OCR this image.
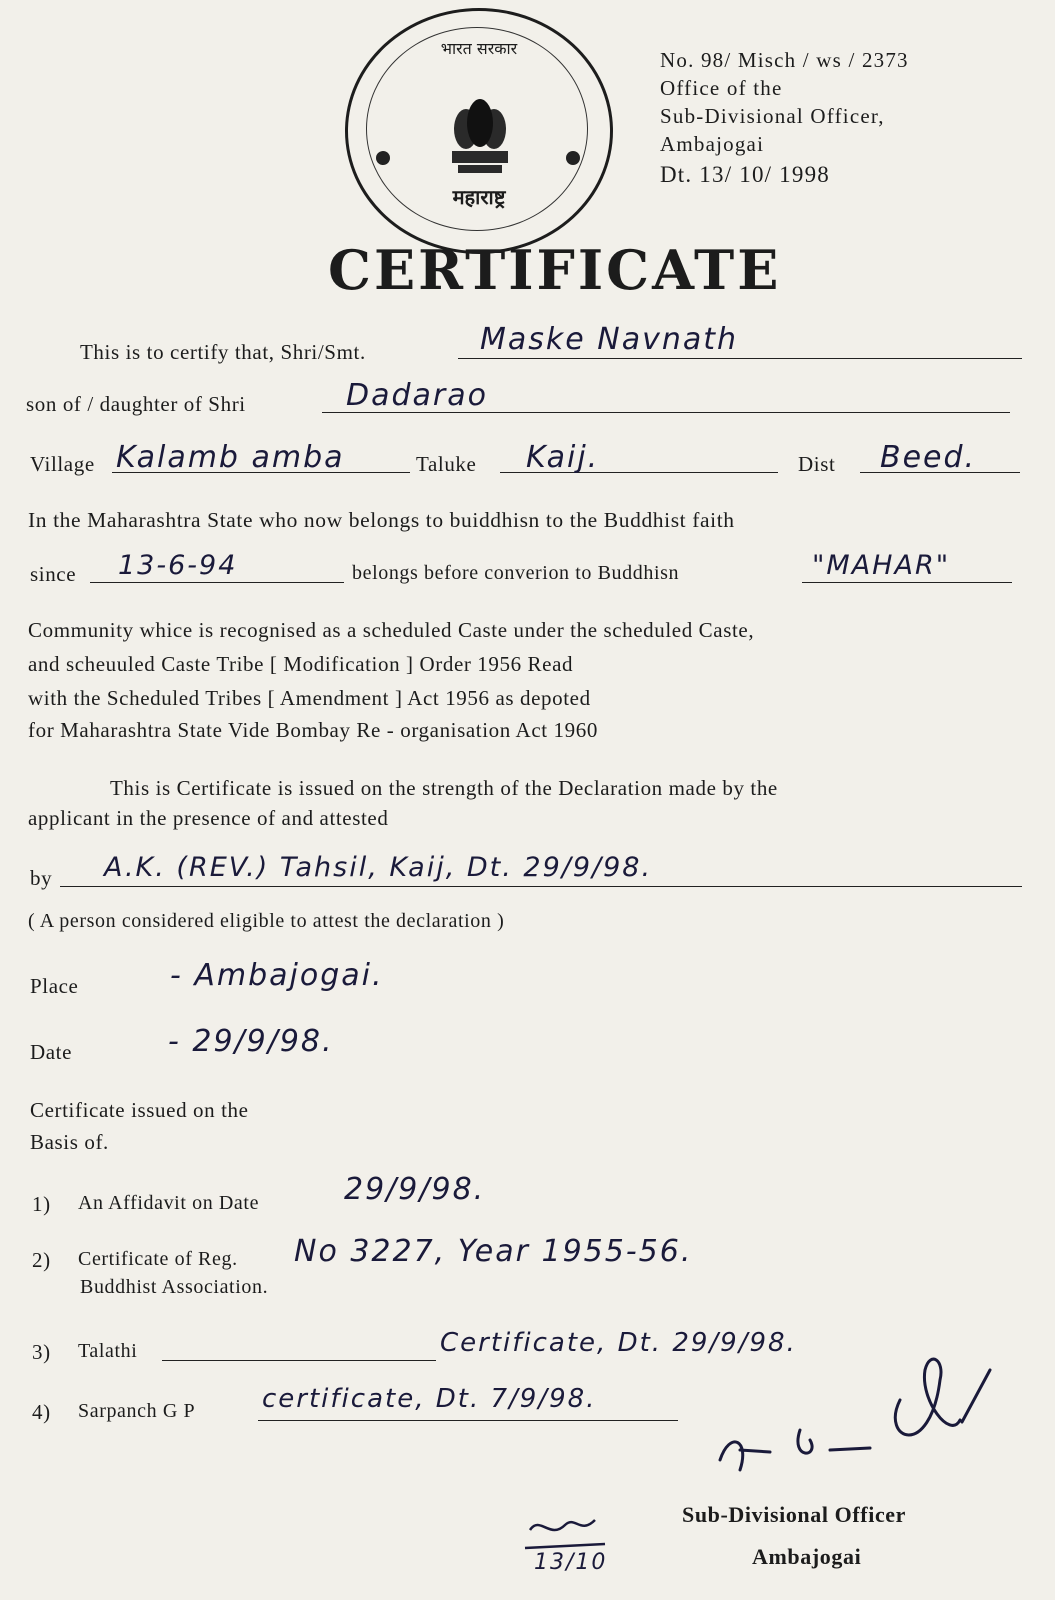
भारत सरकार
महाराष्ट्र
No. 98/ Misch / ws / 2373
Office of the
Sub-Divisional Officer,
Ambajogai
Dt. 13/ 10/ 1998
CERTIFICATE
This is to certify that, Shri/Smt.	Maske Navnath
son of / daughter of Shri	Dadarao
Village Kalamb amba	Taluke Kaij.	Dist Beed.
In the Maharashtra State who now belongs to buiddhisn to the Buddhist faith
since 13-6-94	belongs before converion to Buddhisn	"MAHAR"
Community whice is recognised as a scheduled Caste under the scheduled Caste,
and scheuuled Caste Tribe [ Modification ] Order 1956 Read
with the Scheduled Tribes [ Amendment ] Act 1956 as depoted
for Maharashtra State Vide Bombay Re - organisation Act 1960
This is Certificate is issued on the strength of the Declaration made by the
applicant in the presence of and attested
by A.K. (REV.) Tahsil, Kaij, Dt. 29/9/98.
( A person considered eligible to attest the declaration )
Place	- Ambajogai.
Date	- 29/9/98.
Certificate issued on the
Basis of.
1) An Affidavit on Date	29/9/98.
2) Certificate of Reg. No 3227, Year 1955-56.
Buddhist Association.
3) Talathi	Certificate, Dt. 29/9/98.
4) Sarpanch G P	certificate, Dt. 7/9/98.
Sub-Divisional Officer
Ambajogai
13/10
